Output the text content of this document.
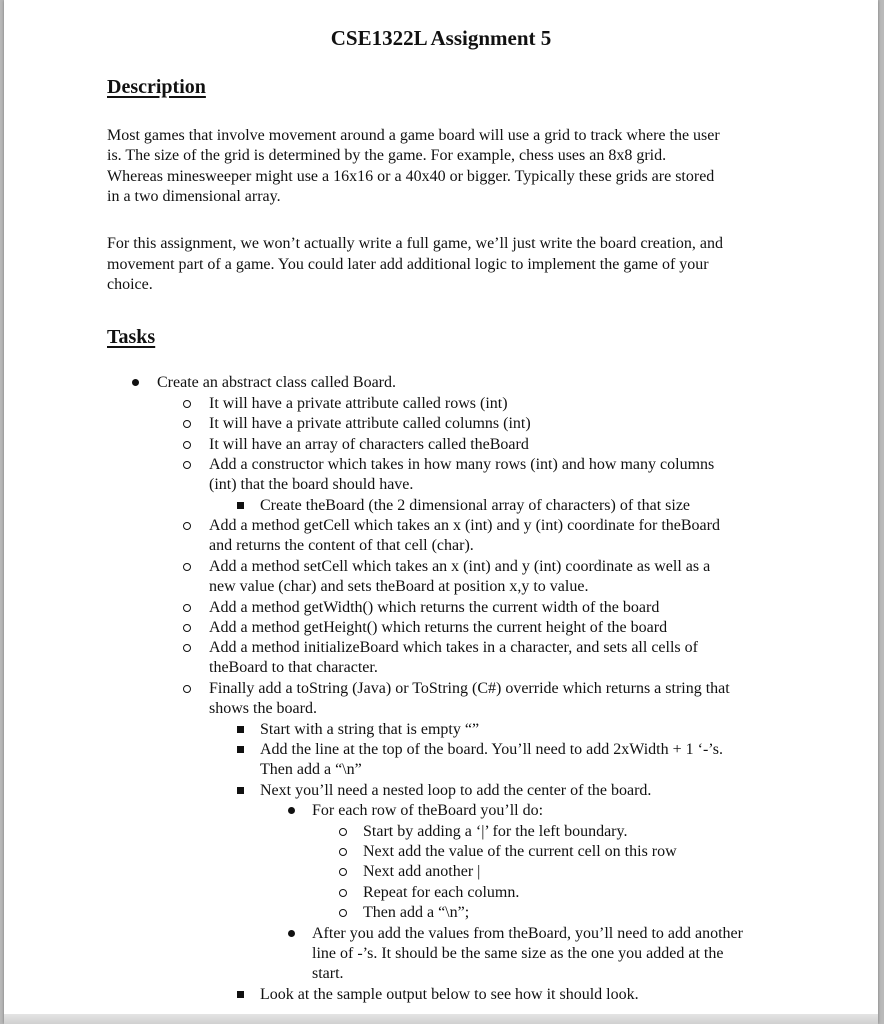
CSE1322L Assignment 5
Description
Most games that involve movement around a game board will use a grid to track where the user
is. The size of the grid is determined by the game. For example, chess uses an 8x8 grid.
Whereas minesweeper might use a 16x16 or a 40x40 or bigger. Typically these grids are stored
in a two dimensional array.
For this assignment, we won’t actually write a full game, we’ll just write the board creation, and
movement part of a game. You could later add additional logic to implement the game of your
choice.
Tasks
Create an abstract class called Board.
It will have a private attribute called rows (int)
It will have a private attribute called columns (int)
It will have an array of characters called theBoard
Add a constructor which takes in how many rows (int) and how many columns
(int) that the board should have.
Create theBoard (the 2 dimensional array of characters) of that size
Add a method getCell which takes an x (int) and y (int) coordinate for theBoard
and returns the content of that cell (char).
Add a method setCell which takes an x (int) and y (int) coordinate as well as a
new value (char) and sets theBoard at position x,y to value.
Add a method getWidth() which returns the current width of the board
Add a method getHeight() which returns the current height of the board
Add a method initializeBoard which takes in a character, and sets all cells of
theBoard to that character.
Finally add a toString (Java) or ToString (C#) override which returns a string that
shows the board.
Start with a string that is empty “”
Add the line at the top of the board. You’ll need to add 2xWidth + 1 ‘-’s.
Then add a “\n”
Next you’ll need a nested loop to add the center of the board.
For each row of theBoard you’ll do:
Start by adding a ‘|’ for the left boundary.
Next add the value of the current cell on this row
Next add another |
Repeat for each column.
Then add a “\n”;
After you add the values from theBoard, you’ll need to add another
line of -’s. It should be the same size as the one you added at the
start.
Look at the sample output below to see how it should look.
